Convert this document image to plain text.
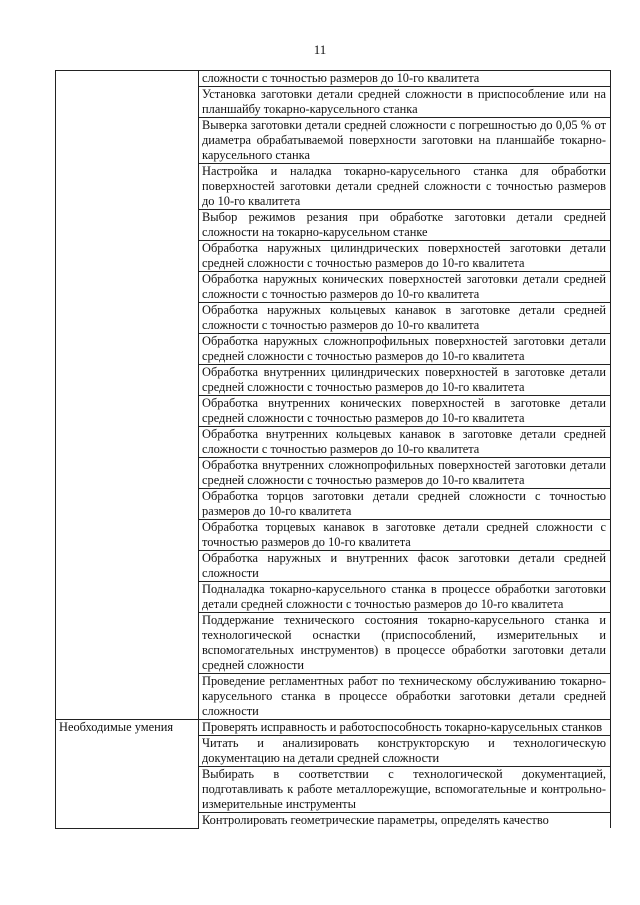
11
	сложности с точностью размеров до 10-го квалитета
	Установка заготовки детали средней сложности в приспособление или на планшайбу токарно-карусельного станка
	Выверка заготовки детали средней сложности с погрешностью до 0,05 % от диаметра обрабатываемой поверхности заготовки на планшайбе токарно-карусельного станка
	Настройка и наладка токарно-карусельного станка для обработки поверхностей заготовки детали средней сложности с точностью размеров до 10-го квалитета
	Выбор режимов резания при обработке заготовки детали средней сложности на токарно-карусельном станке
	Обработка наружных цилиндрических поверхностей заготовки детали средней сложности с точностью размеров до 10-го квалитета
	Обработка наружных конических поверхностей заготовки детали средней сложности с точностью размеров до 10-го квалитета
	Обработка наружных кольцевых канавок в заготовке детали средней сложности с точностью размеров до 10-го квалитета
	Обработка наружных сложнопрофильных поверхностей заготовки детали средней сложности с точностью размеров до 10-го квалитета
	Обработка внутренних цилиндрических поверхностей в заготовке детали средней сложности с точностью размеров до 10-го квалитета
	Обработка внутренних конических поверхностей в заготовке детали средней сложности с точностью размеров до 10-го квалитета
	Обработка внутренних кольцевых канавок в заготовке детали средней сложности с точностью размеров до 10-го квалитета
	Обработка внутренних сложнопрофильных поверхностей заготовки детали средней сложности с точностью размеров до 10-го квалитета
	Обработка торцов заготовки детали средней сложности с точностью размеров до 10-го квалитета
	Обработка торцевых канавок в заготовке детали средней сложности с точностью размеров до 10-го квалитета
	Обработка наружных и внутренних фасок заготовки детали средней сложности
	Подналадка токарно-карусельного станка в процессе обработки заготовки детали средней сложности с точностью размеров до 10-го квалитета
	Поддержание технического состояния токарно-карусельного станка и технологической оснастки (приспособлений, измерительных и вспомогательных инструментов) в процессе обработки заготовки детали средней сложности
	Проведение регламентных работ по техническому обслуживанию токарно-карусельного станка в процессе обработки заготовки детали средней сложности
Необходимые умения	Проверять исправность и работоспособность токарно-карусельных станков
	Читать и анализировать конструкторскую и технологическую документацию на детали средней сложности
	Выбирать в соответствии с технологической документацией, подготавливать к работе металлорежущие, вспомогательные и контрольно-измерительные инструменты
	Контролировать геометрические параметры, определять качество
